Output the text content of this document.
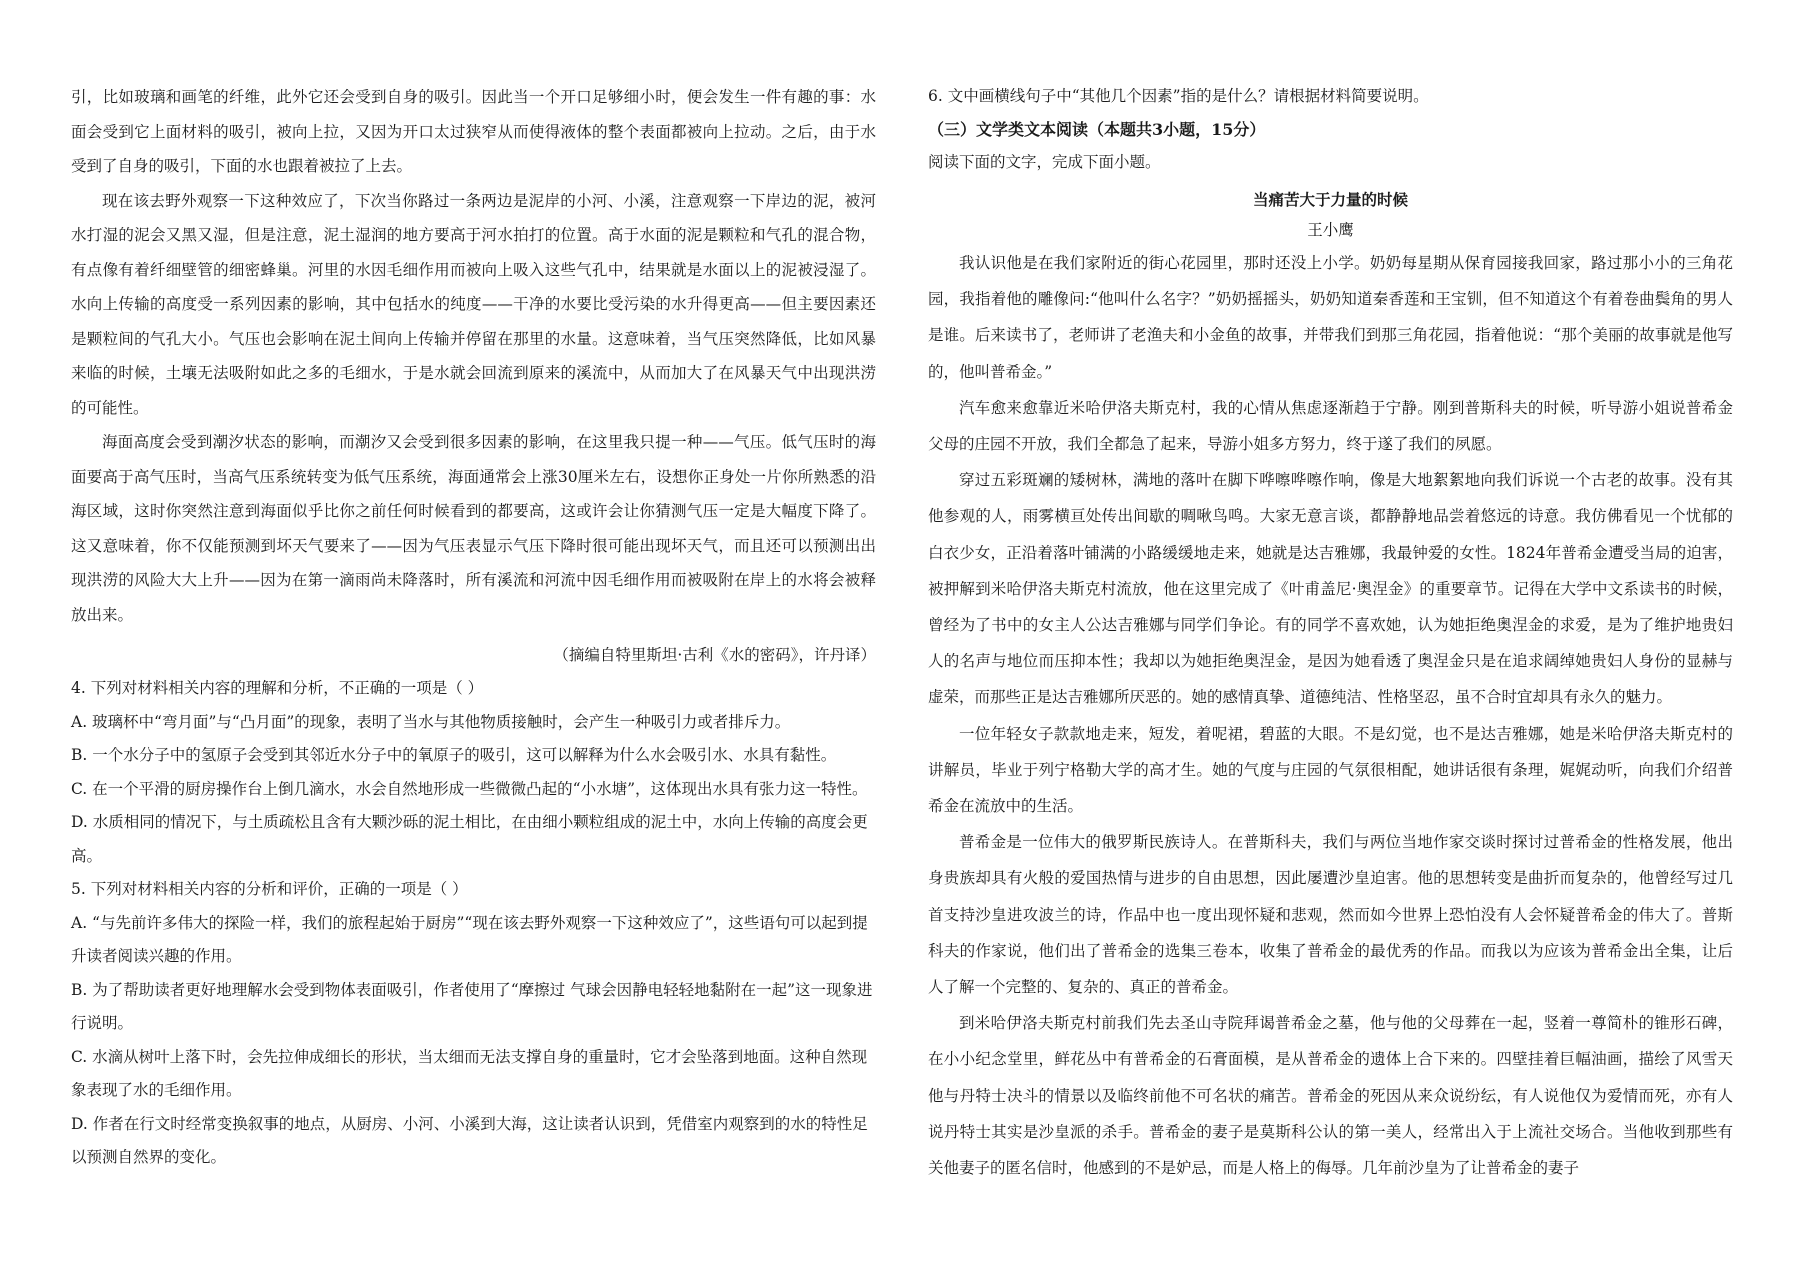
引，比如玻璃和画笔的纤维，此外它还会受到自身的吸引。因此当一个开口足够细小时，便会发生一件有趣的事：水面会受到它上面材料的吸引，被向上拉，又因为开口太过狭窄从而使得液体的整个表面都被向上拉动。之后，由于水受到了自身的吸引，下面的水也跟着被拉了上去。

现在该去野外观察一下这种效应了，下次当你路过一条两边是泥岸的小河、小溪，注意观察一下岸边的泥，被河水打湿的泥会又黑又湿，但是注意，泥土湿润的地方要高于河水拍打的位置。高于水面的泥是颗粒和气孔的混合物，有点像有着纤细壁管的细密蜂巢。河里的水因毛细作用而被向上吸入这些气孔中，结果就是水面以上的泥被浸湿了。水向上传输的高度受一系列因素的影响，其中包括水的纯度——干净的水要比受污染的水升得更高——但主要因素还是颗粒间的气孔大小。气压也会影响在泥土间向上传输并停留在那里的水量。这意味着，当气压突然降低，比如风暴来临的时候，土壤无法吸附如此之多的毛细水，于是水就会回流到原来的溪流中，从而加大了在风暴天气中出现洪涝的可能性。

海面高度会受到潮汐状态的影响，而潮汐又会受到很多因素的影响，在这里我只提一种——气压。低气压时的海面要高于高气压时，当高气压系统转变为低气压系统，海面通常会上涨30厘米左右，设想你正身处一片你所熟悉的沿海区域，这时你突然注意到海面似乎比你之前任何时候看到的都要高，这或许会让你猜测气压一定是大幅度下降了。这又意味着，你不仅能预测到坏天气要来了——因为气压表显示气压下降时很可能出现坏天气，而且还可以预测出出现洪涝的风险大大上升——因为在第一滴雨尚未降落时，所有溪流和河流中因毛细作用而被吸附在岸上的水将会被释放出来。

（摘编自特里斯坦·古利《水的密码》，许丹译）

4. 下列对材料相关内容的理解和分析，不正确的一项是（ ）

A. 玻璃杯中“弯月面”与“凸月面”的现象，表明了当水与其他物质接触时，会产生一种吸引力或者排斥力。

B. 一个水分子中的氢原子会受到其邻近水分子中的氧原子的吸引，这可以解释为什么水会吸引水、水具有黏性。

C. 在一个平滑的厨房操作台上倒几滴水，水会自然地形成一些微微凸起的“小水塘”，这体现出水具有张力这一特性。

D. 水质相同的情况下，与土质疏松且含有大颗沙砾的泥土相比，在由细小颗粒组成的泥土中，水向上传输的高度会更高。

5. 下列对材料相关内容的分析和评价，正确的一项是（ ）

A. “与先前许多伟大的探险一样，我们的旅程起始于厨房”“现在该去野外观察一下这种效应了”，这些语句可以起到提升读者阅读兴趣的作用。

B. 为了帮助读者更好地理解水会受到物体表面吸引，作者使用了“摩擦过 气球会因静电轻轻地黏附在一起”这一现象进行说明。

C. 水滴从树叶上落下时，会先拉伸成细长的形状，当太细而无法支撑自身的重量时，它才会坠落到地面。这种自然现象表现了水的毛细作用。

D. 作者在行文时经常变换叙事的地点，从厨房、小河、小溪到大海，这让读者认识到，凭借室内观察到的水的特性足以预测自然界的变化。

6. 文中画横线句子中“其他几个因素”指的是什么？请根据材料简要说明。

（三）文学类文本阅读（本题共3小题，15分）

阅读下面的文字，完成下面小题。

当痛苦大于力量的时候

王小鹰

我认识他是在我们家附近的街心花园里，那时还没上小学。奶奶每星期从保育园接我回家，路过那小小的三角花园，我指着他的雕像问:“他叫什么名字？”奶奶摇摇头，奶奶知道秦香莲和王宝钏，但不知道这个有着卷曲鬓角的男人是谁。后来读书了，老师讲了老渔夫和小金鱼的故事，并带我们到那三角花园，指着他说：“那个美丽的故事就是他写的，他叫普希金。”

汽车愈来愈靠近米哈伊洛夫斯克村，我的心情从焦虑逐渐趋于宁静。刚到普斯科夫的时候，听导游小姐说普希金父母的庄园不开放，我们全都急了起来，导游小姐多方努力，终于遂了我们的夙愿。

穿过五彩斑斓的矮树林，满地的落叶在脚下哗嚓哗嚓作响，像是大地絮絮地向我们诉说一个古老的故事。没有其他参观的人，雨雾横亘处传出间歇的啁啾鸟鸣。大家无意言谈，都静静地品尝着悠远的诗意。我仿佛看见一个忧郁的白衣少女，正沿着落叶铺满的小路缓缓地走来，她就是达吉雅娜，我最钟爱的女性。1824年普希金遭受当局的迫害，被押解到米哈伊洛夫斯克村流放，他在这里完成了《叶甫盖尼·奥涅金》的重要章节。记得在大学中文系读书的时候，曾经为了书中的女主人公达吉雅娜与同学们争论。有的同学不喜欢她，认为她拒绝奥涅金的求爱，是为了维护地贵妇人的名声与地位而压抑本性；我却以为她拒绝奥涅金，是因为她看透了奥涅金只是在追求阔绰她贵妇人身份的显赫与虚荣，而那些正是达吉雅娜所厌恶的。她的感情真挚、道德纯洁、性格坚忍，虽不合时宜却具有永久的魅力。

一位年轻女子款款地走来，短发，着呢裙，碧蓝的大眼。不是幻觉，也不是达吉雅娜，她是米哈伊洛夫斯克村的讲解员，毕业于列宁格勒大学的高才生。她的气度与庄园的气氛很相配，她讲话很有条理，娓娓动听，向我们介绍普希金在流放中的生活。

普希金是一位伟大的俄罗斯民族诗人。在普斯科夫，我们与两位当地作家交谈时探讨过普希金的性格发展，他出身贵族却具有火般的爱国热情与进步的自由思想，因此屡遭沙皇迫害。他的思想转变是曲折而复杂的，他曾经写过几首支持沙皇进攻波兰的诗，作品中也一度出现怀疑和悲观，然而如今世界上恐怕没有人会怀疑普希金的伟大了。普斯科夫的作家说，他们出了普希金的选集三卷本，收集了普希金的最优秀的作品。而我以为应该为普希金出全集，让后人了解一个完整的、复杂的、真正的普希金。

到米哈伊洛夫斯克村前我们先去圣山寺院拜谒普希金之墓，他与他的父母葬在一起，竖着一尊简朴的锥形石碑，在小小纪念堂里，鲜花丛中有普希金的石膏面模，是从普希金的遗体上合下来的。四壁挂着巨幅油画，描绘了风雪天他与丹特士决斗的情景以及临终前他不可名状的痛苦。普希金的死因从来众说纷纭，有人说他仅为爱情而死，亦有人说丹特士其实是沙皇派的杀手。普希金的妻子是莫斯科公认的第一美人，经常出入于上流社交场合。当他收到那些有关他妻子的匿名信时，他感到的不是妒忌，而是人格上的侮辱。几年前沙皇为了让普希金的妻子
